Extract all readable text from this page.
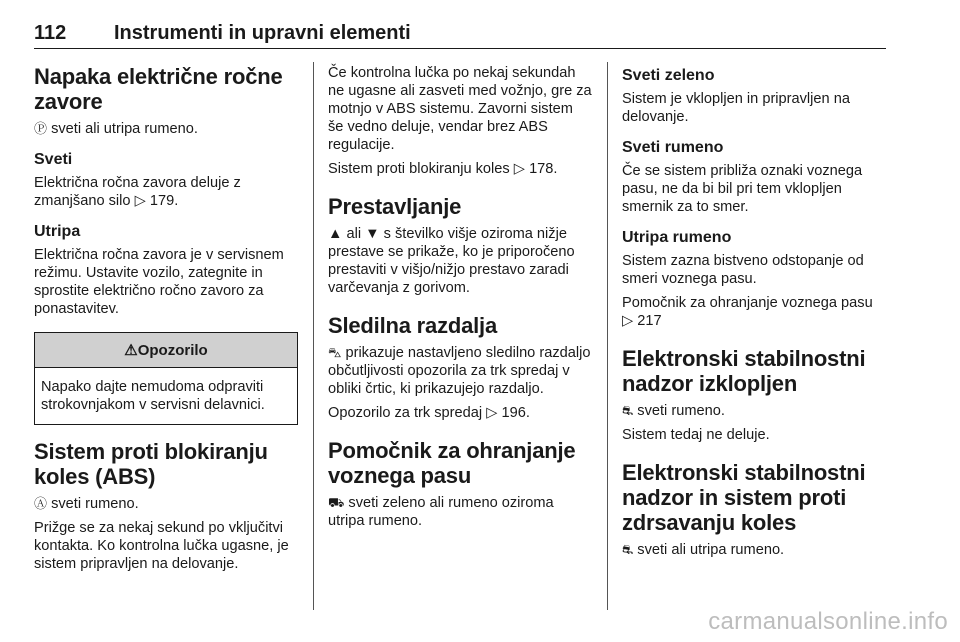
112 Instrumenti in upravni elementi
Napaka električne ročne zavore

Ⓟ sveti ali utripa rumeno.

Sveti

Električna ročna zavora deluje z zmanjšano silo ▷ 179.

Utripa

Električna ročna zavora je v servisnem režimu. Ustavite vozilo, zategnite in sprostite električno ročno zavoro za ponastavitev.

⚠ Opozorilo
Napako dajte nemudoma odpraviti strokovnjakom v servisni delavnici.
Sistem proti blokiranju koles (ABS)

Ⓐ sveti rumeno.

Prižge se za nekaj sekund po vključitvi kontakta. Ko kontrolna lučka ugasne, je sistem pripravljen na delovanje.

Če kontrolna lučka po nekaj sekundah ne ugasne ali zasveti med vožnjo, gre za motnjo v ABS sistemu. Zavorni sistem še vedno deluje, vendar brez ABS regulacije.

Sistem proti blokiranju koles ▷ 178.

Prestavljanje

▲ ali ▼ s številko višje oziroma nižje prestave se prikaže, ko je priporočeno prestaviti v višjo/nižjo prestavo zaradi varčevanja z gorivom.

Sledilna razdalja

⛍ prikazuje nastavljeno sledilno razdaljo občutljivosti opozorila za trk spredaj v obliki črtic, ki prikazujejo razdaljo.

Opozorilo za trk spredaj ▷ 196.

Pomočnik za ohranjanje voznega pasu

⛟ sveti zeleno ali rumeno oziroma utripa rumeno.

Sveti zeleno

Sistem je vklopljen in pripravljen na delovanje.

Sveti rumeno

Če se sistem približa oznaki voznega pasu, ne da bi bil pri tem vklopljen smernik za to smer.

Utripa rumeno

Sistem zazna bistveno odstopanje od smeri voznega pasu.

Pomočnik za ohranjanje voznega pasu ▷ 217

Elektronski stabilnostni nadzor izklopljen

⛐ sveti rumeno.

Sistem tedaj ne deluje.

Elektronski stabilnostni nadzor in sistem proti zdrsavanju koles

⛐ sveti ali utripa rumeno.

carmanualsonline.info
